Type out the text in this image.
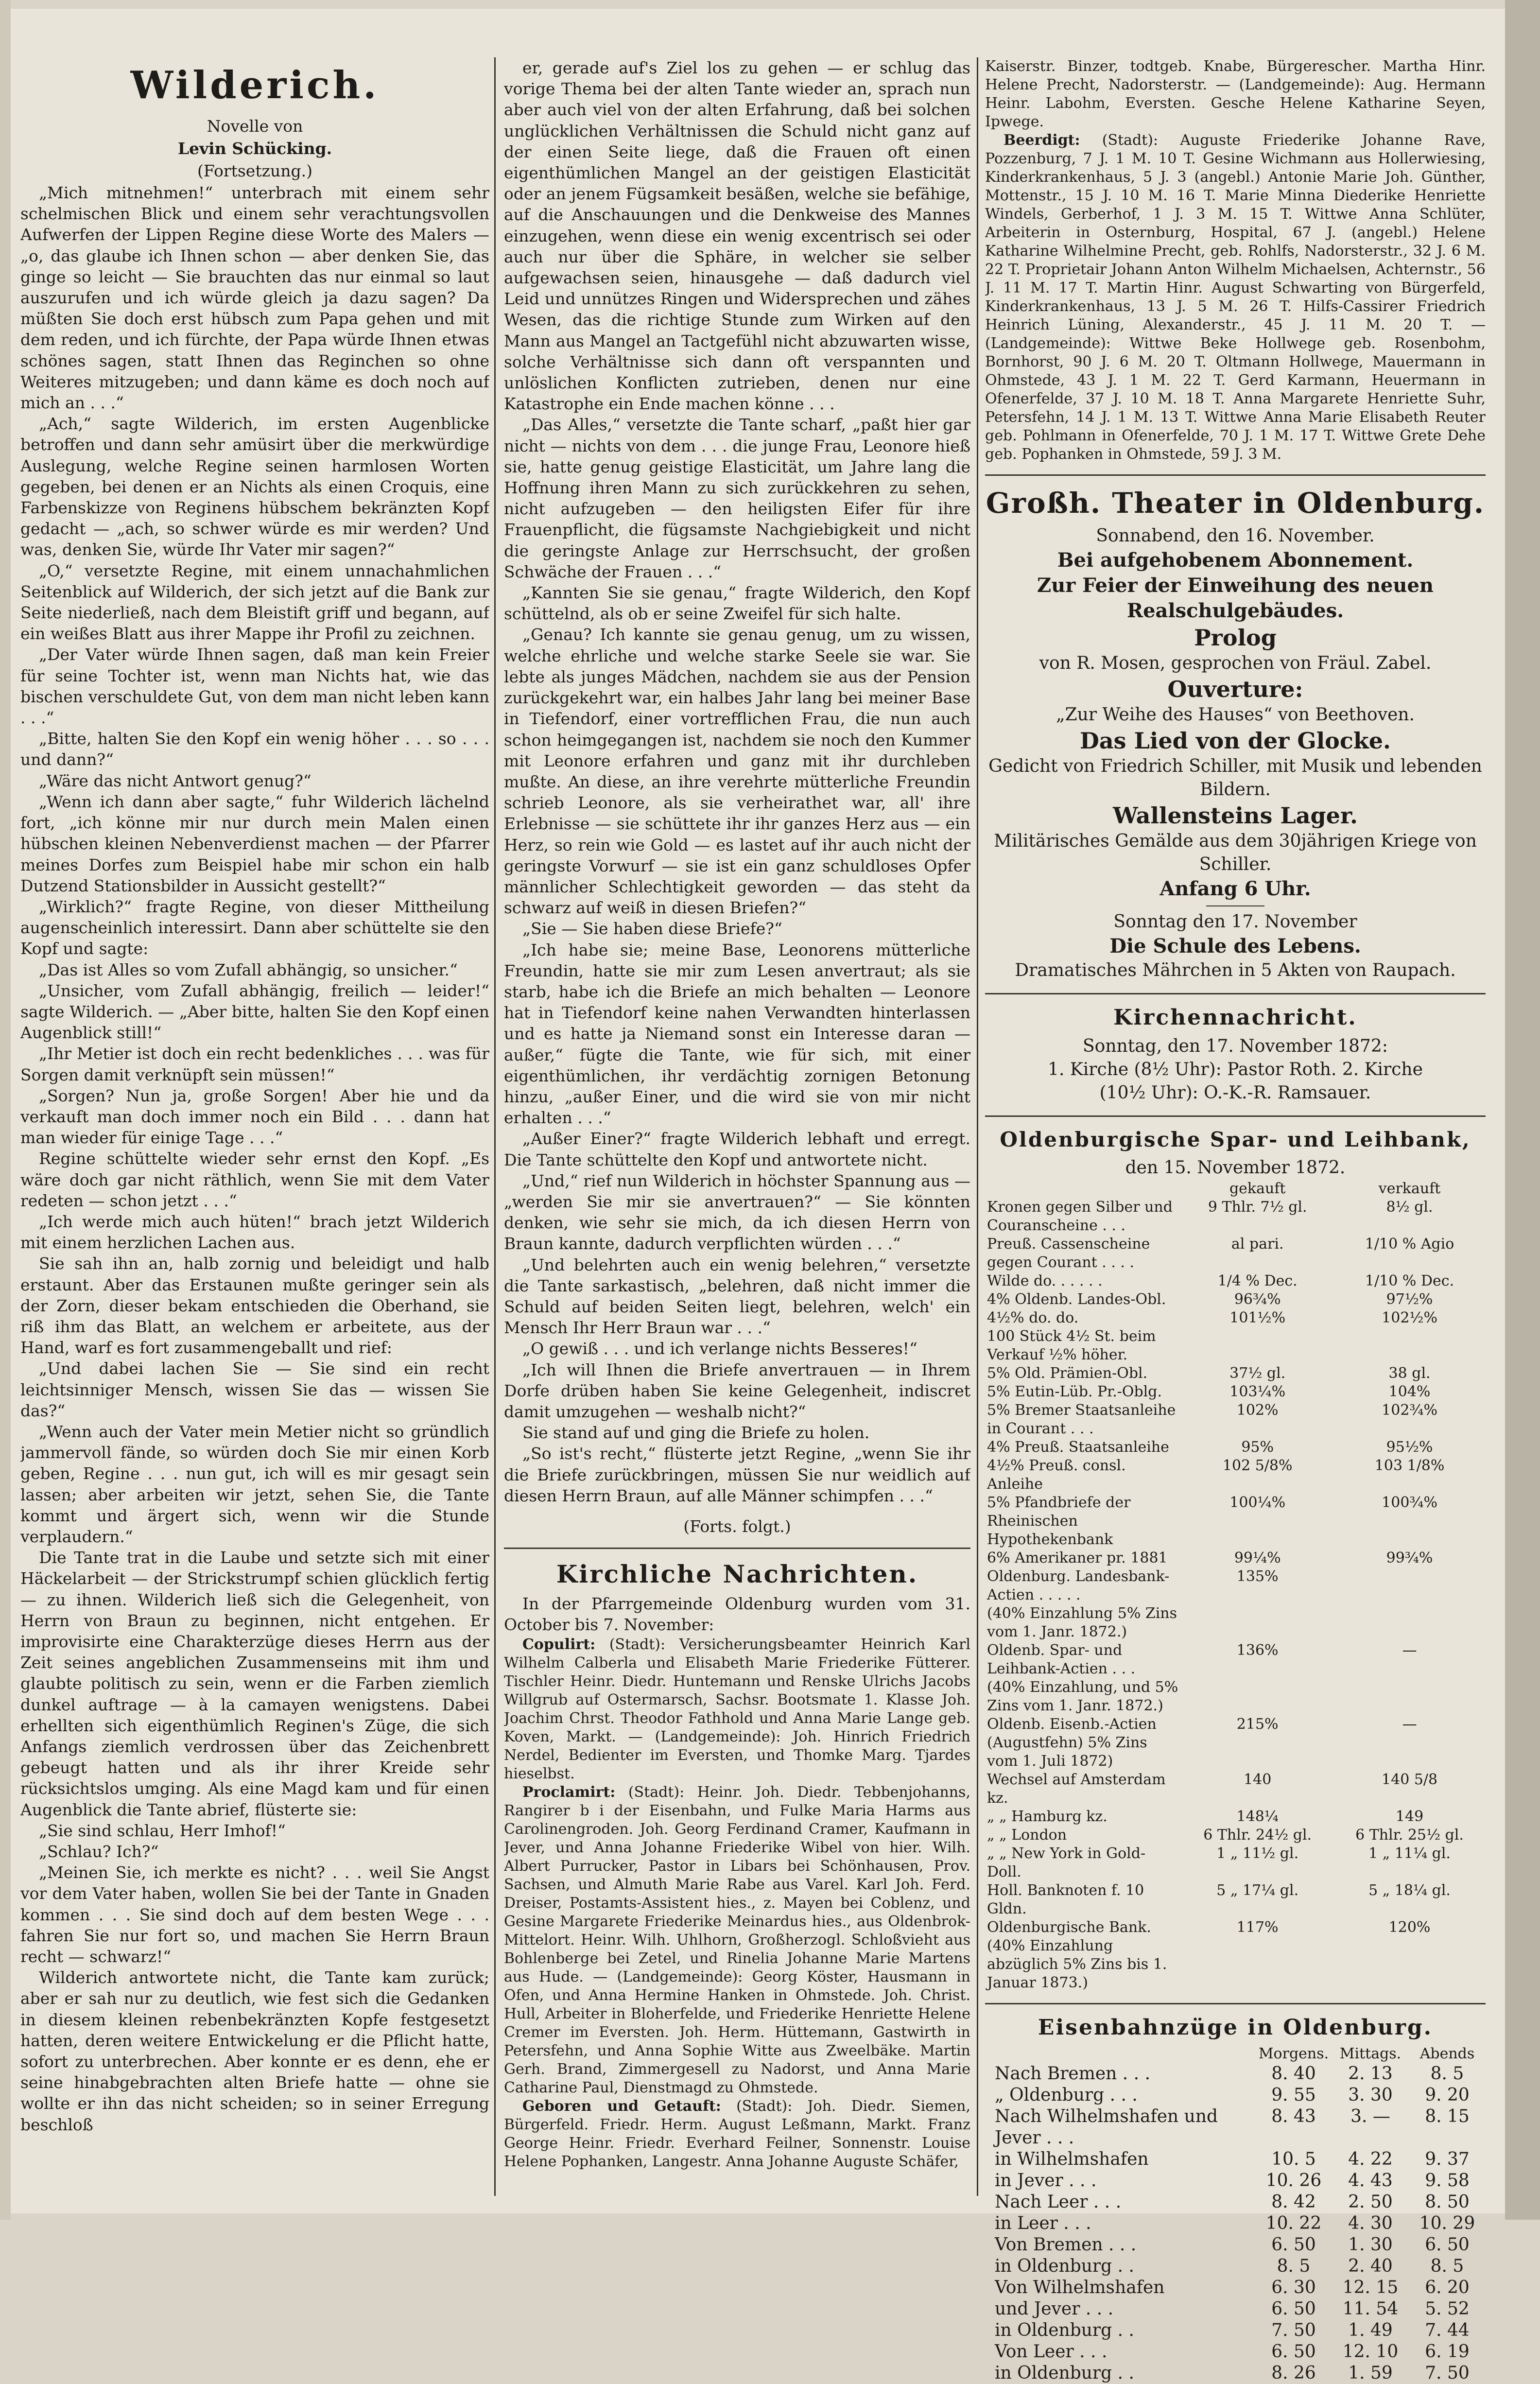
Wilderich.
Novelle von
Levin Schücking.
(Fortsetzung.)

„Mich mitnehmen!“ unterbrach mit einem sehr schelmischen Blick und einem sehr verachtungsvollen Aufwerfen der Lippen Regine diese Worte des Malers — „o, das glaube ich Ihnen schon — aber denken Sie, das ginge so leicht — Sie brauchten das nur einmal so laut auszurufen und ich würde gleich ja dazu sagen? Da müßten Sie doch erst hübsch zum Papa gehen und mit dem reden, und ich fürchte, der Papa würde Ihnen etwas schönes sagen, statt Ihnen das Reginchen so ohne Weiteres mitzugeben; und dann käme es doch noch auf mich an . . .“

„Ach,“ sagte Wilderich, im ersten Augenblicke betroffen und dann sehr amüsirt über die merkwürdige Auslegung, welche Regine seinen harmlosen Worten gegeben, bei denen er an Nichts als einen Croquis, eine Farbenskizze von Reginens hübschem bekränzten Kopf gedacht — „ach, so schwer würde es mir werden? Und was, denken Sie, würde Ihr Vater mir sagen?“

„O,“ versetzte Regine, mit einem unnachahmlichen Seitenblick auf Wilderich, der sich jetzt auf die Bank zur Seite niederließ, nach dem Bleistift griff und begann, auf ein weißes Blatt aus ihrer Mappe ihr Profil zu zeichnen.

„Der Vater würde Ihnen sagen, daß man kein Freier für seine Tochter ist, wenn man Nichts hat, wie das bischen verschuldete Gut, von dem man nicht leben kann . . .“

„Bitte, halten Sie den Kopf ein wenig höher . . . so . . . und dann?“

„Wäre das nicht Antwort genug?“

„Wenn ich dann aber sagte,“ fuhr Wilderich lächelnd fort, „ich könne mir nur durch mein Malen einen hübschen kleinen Nebenverdienst machen — der Pfarrer meines Dorfes zum Beispiel habe mir schon ein halb Dutzend Stationsbilder in Aussicht gestellt?“

„Wirklich?“ fragte Regine, von dieser Mittheilung augenscheinlich interessirt. Dann aber schüttelte sie den Kopf und sagte:

„Das ist Alles so vom Zufall abhängig, so unsicher.“

„Unsicher, vom Zufall abhängig, freilich — leider!“ sagte Wilderich. — „Aber bitte, halten Sie den Kopf einen Augenblick still!“

„Ihr Metier ist doch ein recht bedenkliches . . . was für Sorgen damit verknüpft sein müssen!“

„Sorgen? Nun ja, große Sorgen! Aber hie und da verkauft man doch immer noch ein Bild . . . dann hat man wieder für einige Tage . . .“

Regine schüttelte wieder sehr ernst den Kopf. „Es wäre doch gar nicht räthlich, wenn Sie mit dem Vater redeten — schon jetzt . . .“

„Ich werde mich auch hüten!“ brach jetzt Wilderich mit einem herzlichen Lachen aus.

Sie sah ihn an, halb zornig und beleidigt und halb erstaunt. Aber das Erstaunen mußte geringer sein als der Zorn, dieser bekam entschieden die Oberhand, sie riß ihm das Blatt, an welchem er arbeitete, aus der Hand, warf es fort zusammengeballt und rief:

„Und dabei lachen Sie — Sie sind ein recht leichtsinniger Mensch, wissen Sie das — wissen Sie das?“

„Wenn auch der Vater mein Metier nicht so gründlich jammervoll fände, so würden doch Sie mir einen Korb geben, Regine . . . nun gut, ich will es mir gesagt sein lassen; aber arbeiten wir jetzt, sehen Sie, die Tante kommt und ärgert sich, wenn wir die Stunde verplaudern.“

Die Tante trat in die Laube und setzte sich mit einer Häckelarbeit — der Strickstrumpf schien glücklich fertig — zu ihnen. Wilderich ließ sich die Gelegenheit, von Herrn von Braun zu beginnen, nicht entgehen. Er improvisirte eine Charakterzüge dieses Herrn aus der Zeit seines angeblichen Zusammenseins mit ihm und glaubte politisch zu sein, wenn er die Farben ziemlich dunkel auftrage — à la camayen wenigstens. Dabei erhellten sich eigenthümlich Reginen's Züge, die sich Anfangs ziemlich verdrossen über das Zeichenbrett gebeugt hatten und als ihr ihrer Kreide sehr rücksichtslos umging. Als eine Magd kam und für einen Augenblick die Tante abrief, flüsterte sie:

„Sie sind schlau, Herr Imhof!“

„Schlau? Ich?“

„Meinen Sie, ich merkte es nicht? . . . weil Sie Angst vor dem Vater haben, wollen Sie bei der Tante in Gnaden kommen . . . Sie sind doch auf dem besten Wege . . . fahren Sie nur fort so, und machen Sie Herrn Braun recht — schwarz!“

Wilderich antwortete nicht, die Tante kam zurück; aber er sah nur zu deutlich, wie fest sich die Gedanken in diesem kleinen rebenbekränzten Kopfe festgesetzt hatten, deren weitere Entwickelung er die Pflicht hatte, sofort zu unterbrechen. Aber konnte er es denn, ehe er seine hinabgebrachten alten Briefe hatte — ohne sie wollte er ihn das nicht scheiden; so in seiner Erregung beschloß

er, gerade auf's Ziel los zu gehen — er schlug das vorige Thema bei der alten Tante wieder an, sprach nun aber auch viel von der alten Erfahrung, daß bei solchen unglücklichen Verhältnissen die Schuld nicht ganz auf der einen Seite liege, daß die Frauen oft einen eigenthümlichen Mangel an der geistigen Elasticität oder an jenem Fügsamkeit besäßen, welche sie befähige, auf die Anschauungen und die Denkweise des Mannes einzugehen, wenn diese ein wenig excentrisch sei oder auch nur über die Sphäre, in welcher sie selber aufgewachsen seien, hinausgehe — daß dadurch viel Leid und unnützes Ringen und Widersprechen und zähes Wesen, das die richtige Stunde zum Wirken auf den Mann aus Mangel an Tactgefühl nicht abzuwarten wisse, solche Verhältnisse sich dann oft verspannten und unlöslichen Konflicten zutrieben, denen nur eine Katastrophe ein Ende machen könne . . .

„Das Alles,“ versetzte die Tante scharf, „paßt hier gar nicht — nichts von dem . . . die junge Frau, Leonore hieß sie, hatte genug geistige Elasticität, um Jahre lang die Hoffnung ihren Mann zu sich zurückkehren zu sehen, nicht aufzugeben — den heiligsten Eifer für ihre Frauenpflicht, die fügsamste Nachgiebigkeit und nicht die geringste Anlage zur Herrschsucht, der großen Schwäche der Frauen . . .“

„Kannten Sie sie genau,“ fragte Wilderich, den Kopf schüttelnd, als ob er seine Zweifel für sich halte.

„Genau? Ich kannte sie genau genug, um zu wissen, welche ehrliche und welche starke Seele sie war. Sie lebte als junges Mädchen, nachdem sie aus der Pension zurückgekehrt war, ein halbes Jahr lang bei meiner Base in Tiefendorf, einer vortrefflichen Frau, die nun auch schon heimgegangen ist, nachdem sie noch den Kummer mit Leonore erfahren und ganz mit ihr durchleben mußte. An diese, an ihre verehrte mütterliche Freundin schrieb Leonore, als sie verheirathet war, all' ihre Erlebnisse — sie schüttete ihr ihr ganzes Herz aus — ein Herz, so rein wie Gold — es lastet auf ihr auch nicht der geringste Vorwurf — sie ist ein ganz schuldloses Opfer männlicher Schlechtigkeit geworden — das steht da schwarz auf weiß in diesen Briefen?“

„Sie — Sie haben diese Briefe?“

„Ich habe sie; meine Base, Leonorens mütterliche Freundin, hatte sie mir zum Lesen anvertraut; als sie starb, habe ich die Briefe an mich behalten — Leonore hat in Tiefendorf keine nahen Verwandten hinterlassen und es hatte ja Niemand sonst ein Interesse daran — außer,“ fügte die Tante, wie für sich, mit einer eigenthümlichen, ihr verdächtig zornigen Betonung hinzu, „außer Einer, und die wird sie von mir nicht erhalten . . .“

„Außer Einer?“ fragte Wilderich lebhaft und erregt. Die Tante schüttelte den Kopf und antwortete nicht.

„Und,“ rief nun Wilderich in höchster Spannung aus — „werden Sie mir sie anvertrauen?“ — Sie könnten denken, wie sehr sie mich, da ich diesen Herrn von Braun kannte, dadurch verpflichten würden . . .“

„Und belehrten auch ein wenig belehren,“ versetzte die Tante sarkastisch, „belehren, daß nicht immer die Schuld auf beiden Seiten liegt, belehren, welch' ein Mensch Ihr Herr Braun war . . .“

„O gewiß . . . und ich verlange nichts Besseres!“

„Ich will Ihnen die Briefe anvertrauen — in Ihrem Dorfe drüben haben Sie keine Gelegenheit, indiscret damit umzugehen — weshalb nicht?“

Sie stand auf und ging die Briefe zu holen.

„So ist's recht,“ flüsterte jetzt Regine, „wenn Sie ihr die Briefe zurückbringen, müssen Sie nur weidlich auf diesen Herrn Braun, auf alle Männer schimpfen . . .“

(Forts. folgt.)

Kirchliche Nachrichten.

In der Pfarrgemeinde Oldenburg wurden vom 31. October bis 7. November:

Copulirt: (Stadt): Versicherungsbeamter Heinrich Karl Wilhelm Calberla und Elisabeth Marie Friederike Fütterer. Tischler Heinr. Diedr. Huntemann und Renske Ulrichs Jacobs Willgrub auf Ostermarsch, Sachsr. Bootsmate 1. Klasse Joh. Joachim Chrst. Theodor Fathhold und Anna Marie Lange geb. Koven, Markt. — (Landgemeinde): Joh. Hinrich Friedrich Nerdel, Bedienter im Eversten, und Thomke Marg. Tjardes hieselbst.

Proclamirt: (Stadt): Heinr. Joh. Diedr. Tebbenjohanns, Rangirer b i der Eisenbahn, und Fulke Maria Harms aus Carolinengroden. Joh. Georg Ferdinand Cramer, Kaufmann in Jever, und Anna Johanne Friederike Wibel von hier. Wilh. Albert Purrucker, Pastor in Libars bei Schönhausen, Prov. Sachsen, und Almuth Marie Rabe aus Varel. Karl Joh. Ferd. Dreiser, Postamts-Assistent hies., z. Mayen bei Coblenz, und Gesine Margarete Friederike Meinardus hies., aus Oldenbrok-Mittelort. Heinr. Wilh. Uhlhorn, Großherzogl. Schloßvieht aus Bohlenberge bei Zetel, und Rinelia Johanne Marie Martens aus Hude. — (Landgemeinde): Georg Köster, Hausmann in Ofen, und Anna Hermine Hanken in Ohmstede. Joh. Christ. Hull, Arbeiter in Bloherfelde, und Friederike Henriette Helene Cremer im Eversten. Joh. Herm. Hüttemann, Gastwirth in Petersfehn, und Anna Sophie Witte aus Zweelbäke. Martin Gerh. Brand, Zimmergesell zu Nadorst, und Anna Marie Catharine Paul, Dienstmagd zu Ohmstede.

Geboren und Getauft: (Stadt): Joh. Diedr. Siemen, Bürgerfeld. Friedr. Herm. August Leßmann, Markt. Franz George Heinr. Friedr. Everhard Feilner, Sonnenstr. Louise Helene Pophanken, Langestr. Anna Johanne Auguste Schäfer,

Kaiserstr. Binzer, todtgeb. Knabe, Bürgerescher. Martha Hinr. Helene Precht, Nadorsterstr. — (Landgemeinde): Aug. Hermann Heinr. Labohm, Eversten. Gesche Helene Katharine Seyen, Ipwege.

Beerdigt: (Stadt): Auguste Friederike Johanne Rave, Pozzenburg, 7 J. 1 M. 10 T. Gesine Wichmann aus Hollerwiesing, Kinderkrankenhaus, 5 J. 3 (angebl.) Antonie Marie Joh. Günther, Mottenstr., 15 J. 10 M. 16 T. Marie Minna Diederike Henriette Windels, Gerberhof, 1 J. 3 M. 15 T. Wittwe Anna Schlüter, Arbeiterin in Osternburg, Hospital, 67 J. (angebl.) Helene Katharine Wilhelmine Precht, geb. Rohlfs, Nadorsterstr., 32 J. 6 M. 22 T. Proprietair Johann Anton Wilhelm Michaelsen, Achternstr., 56 J. 11 M. 17 T. Martin Hinr. August Schwarting von Bürgerfeld, Kinderkrankenhaus, 13 J. 5 M. 26 T. Hilfs-Cassirer Friedrich Heinrich Lüning, Alexanderstr., 45 J. 11 M. 20 T. — (Landgemeinde): Wittwe Beke Hollwege geb. Rosenbohm, Bornhorst, 90 J. 6 M. 20 T. Oltmann Hollwege, Mauermann in Ohmstede, 43 J. 1 M. 22 T. Gerd Karmann, Heuermann in Ofenerfelde, 37 J. 10 M. 18 T. Anna Margarete Henriette Suhr, Petersfehn, 14 J. 1 M. 13 T. Wittwe Anna Marie Elisabeth Reuter geb. Pohlmann in Ofenerfelde, 70 J. 1 M. 17 T. Wittwe Grete Dehe geb. Pophanken in Ohmstede, 59 J. 3 M.

Großh. Theater in Oldenburg.
Sonnabend, den 16. November.
Bei aufgehobenem Abonnement.
Zur Feier der Einweihung des neuen Realschulgebäudes.
Prolog
von R. Mosen, gesprochen von Fräul. Zabel.
Ouverture:
„Zur Weihe des Hauses“ von Beethoven.
Das Lied von der Glocke.
Gedicht von Friedrich Schiller, mit Musik und lebenden Bildern.
Wallensteins Lager.
Militärisches Gemälde aus dem 30jährigen Kriege von Schiller.
Anfang 6 Uhr.
Sonntag den 17. November
Die Schule des Lebens.
Dramatisches Mährchen in 5 Akten von Raupach.
Kirchennachricht.
Sonntag, den 17. November 1872:
1. Kirche (8½ Uhr): Pastor Roth. 2. Kirche
(10½ Uhr): O.-K.-R. Ramsauer.
Oldenburgische Spar- und Leihbank,
den 15. November 1872.
	gekauft	verkauft
Kronen gegen Silber und Couranscheine . . .	9 Thlr. 7½ gl.	8½ gl.
Preuß. Cassenscheine gegen Courant . . . .	al pari.	1/10 % Agio
Wilde do. . . . . .	1/4 % Dec.	1/10 % Dec.
4% Oldenb. Landes-Obl.	96¾%	97½%
4½% do. do.	101½%	102½%
100 Stück 4½ St. beim Verkauf ½% höher.		
5% Old. Prämien-Obl.	37½ gl.	38 gl.
5% Eutin-Lüb. Pr.-Oblg.	103¼%	104%
5% Bremer Staatsanleihe in Courant . . .	102%	102¾%
4% Preuß. Staatsanleihe	95%	95½%
4½% Preuß. consl. Anleihe	102 5/8%	103 1/8%
5% Pfandbriefe der Rheinischen Hypothekenbank	100¼%	100¾%
6% Amerikaner pr. 1881	99¼%	99¾%
Oldenburg. Landesbank-Actien . . . . .	135%	
(40% Einzahlung 5% Zins vom 1. Janr. 1872.)		
Oldenb. Spar- und Leihbank-Actien . . .	136%	—
(40% Einzahlung, und 5% Zins vom 1. Janr. 1872.)		
Oldenb. Eisenb.-Actien (Augustfehn) 5% Zins vom 1. Juli 1872)	215%	—
Wechsel auf Amsterdam kz.	140	140 5/8
„ „ Hamburg kz.	148¼	149
„ „ London	6 Thlr. 24½ gl.	6 Thlr. 25½ gl.
„ „ New York in Gold-Doll.	1 „ 11½ gl.	1 „ 11¼ gl.
Holl. Banknoten f. 10 Gldn.	5 „ 17¼ gl.	5 „ 18¼ gl.
Oldenburgische Bank.	117%	120%
(40% Einzahlung abzüglich 5% Zins bis 1. Januar 1873.)		
Eisenbahnzüge in Oldenburg.
	Morgens.	Mittags.	Abends
Nach Bremen . . .	8. 40	2. 13	8. 5
„ Oldenburg . . .	9. 55	3. 30	9. 20
Nach Wilhelmshafen und Jever . . .	8. 43	3. —	8. 15
in Wilhelmshafen	10. 5	4. 22	9. 37
in Jever . . .	10. 26	4. 43	9. 58
Nach Leer . . .	8. 42	2. 50	8. 50
in Leer . . .	10. 22	4. 30	10. 29
Von Bremen . . .	6. 50	1. 30	6. 50
in Oldenburg . .	8. 5	2. 40	8. 5
Von Wilhelmshafen	6. 30	12. 15	6. 20
und Jever . . .	6. 50	11. 54	5. 52
in Oldenburg . .	7. 50	1. 49	7. 44
Von Leer . . .	6. 50	12. 10	6. 19
in Oldenburg . .	8. 26	1. 59	7. 50
